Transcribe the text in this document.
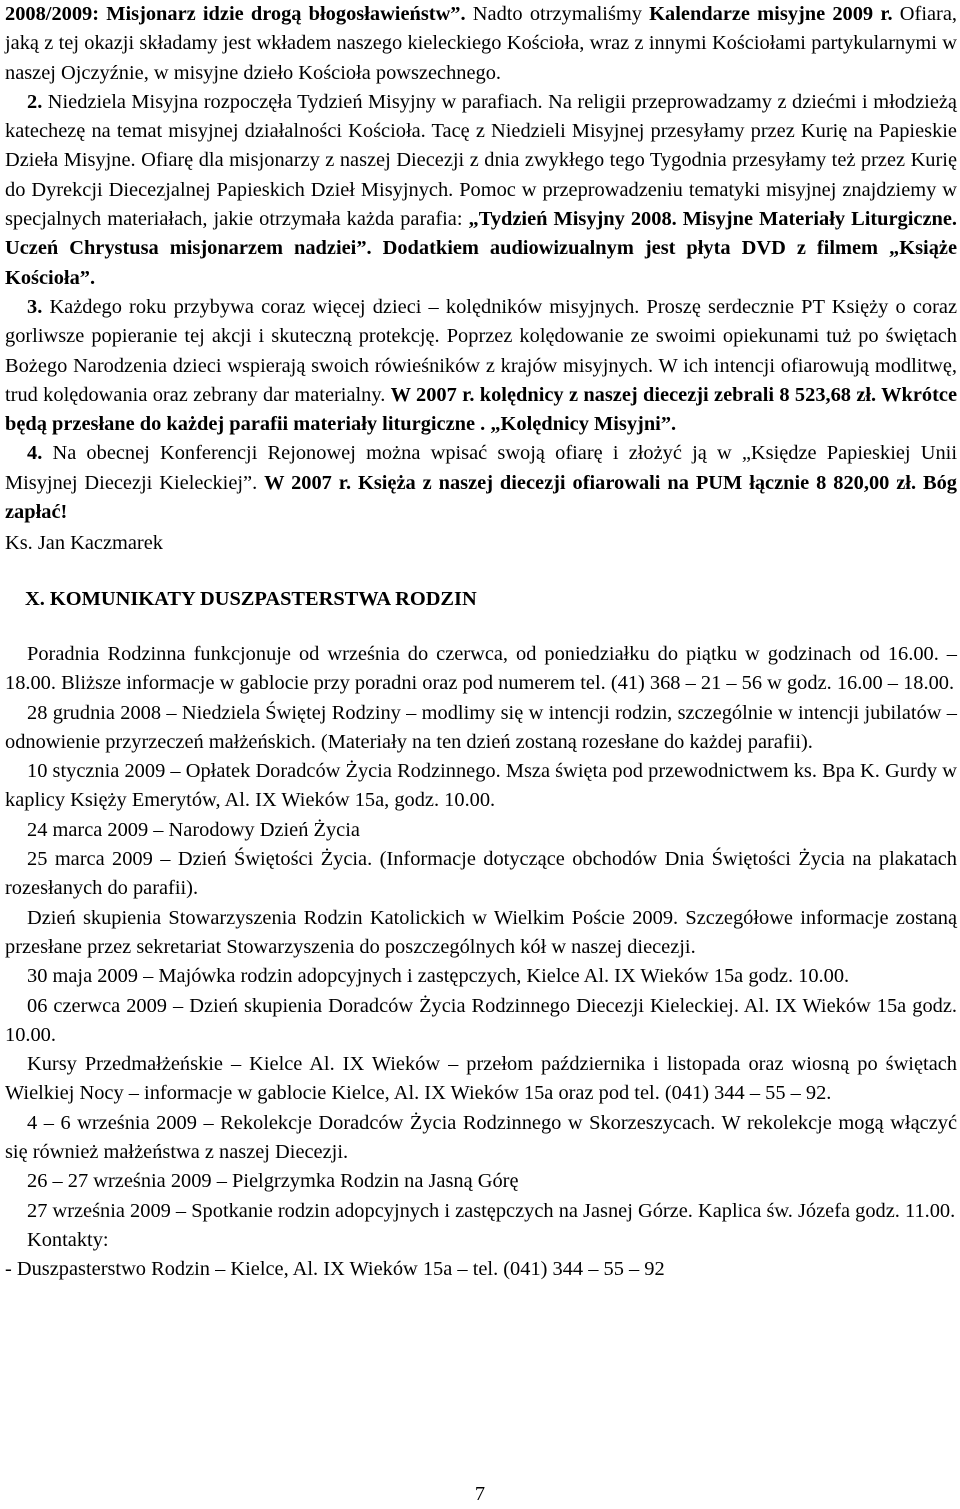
2008/2009: Misjonarz idzie drogą błogosławieństw”. Nadto otrzymaliśmy Kalendarze misyjne 2009 r. Ofiara, jaką z tej okazji składamy jest wkładem naszego kieleckiego Kościoła, wraz z innymi Kościołami partykularnymi w naszej Ojczyźnie, w misyjne dzieło Kościoła powszechnego.

2. Niedziela Misyjna rozpoczęła Tydzień Misyjny w parafiach. Na religii przeprowadzamy z dziećmi i młodzieżą katechezę na temat misyjnej działalności Kościoła. Tacę z Niedzieli Misyjnej przesyłamy przez Kurię na Papieskie Dzieła Misyjne. Ofiarę dla misjonarzy z naszej Diecezji z dnia zwykłego tego Tygodnia przesyłamy też przez Kurię do Dyrekcji Diecezjalnej Papieskich Dzieł Misyjnych. Pomoc w przeprowadzeniu tematyki misyjnej znajdziemy w specjalnych materiałach, jakie otrzymała każda parafia: „Tydzień Misyjny 2008. Misyjne Materiały Liturgiczne. Uczeń Chrystusa misjonarzem nadziei”. Dodatkiem audiowizualnym jest płyta DVD z filmem „Książe Kościoła”.

3. Każdego roku przybywa coraz więcej dzieci – kolędników misyjnych. Proszę serdecznie PT Księży o coraz gorliwsze popieranie tej akcji i skuteczną protekcję. Poprzez kolędowanie ze swoimi opiekunami tuż po świętach Bożego Narodzenia dzieci wspierają swoich rówieśników z krajów misyjnych. W ich intencji ofiarowują modlitwę, trud kolędowania oraz zebrany dar materialny. W 2007 r. kolędnicy z naszej diecezji zebrali 8 523,68 zł. Wkrótce będą przesłane do każdej parafii materiały liturgiczne . „Kolędnicy Misyjni”.

4. Na obecnej Konferencji Rejonowej można wpisać swoją ofiarę i złożyć ją w „Księdze Papieskiej Unii Misyjnej Diecezji Kieleckiej”. W 2007 r. Księża z naszej diecezji ofiarowali na PUM łącznie 8 820,00 zł. Bóg zapłać!

Ks. Jan Kaczmarek

X. KOMUNIKATY DUSZPASTERSTWA RODZIN

Poradnia Rodzinna funkcjonuje od września do czerwca, od poniedziałku do piątku w godzinach od 16.00. – 18.00. Bliższe informacje w gablocie przy poradni oraz pod numerem tel. (41) 368 – 21 – 56 w godz. 16.00 – 18.00.

28 grudnia 2008 – Niedziela Świętej Rodziny – modlimy się w intencji rodzin, szczególnie w intencji jubilatów – odnowienie przyrzeczeń małżeńskich. (Materiały na ten dzień zostaną rozesłane do każdej parafii).

10 stycznia 2009 – Opłatek Doradców Życia Rodzinnego. Msza święta pod przewodnictwem ks. Bpa K. Gurdy w kaplicy Księży Emerytów, Al. IX Wieków 15a, godz. 10.00.

24 marca 2009 – Narodowy Dzień Życia

25 marca 2009 – Dzień Świętości Życia. (Informacje dotyczące obchodów Dnia Świętości Życia na plakatach rozesłanych do parafii).

Dzień skupienia Stowarzyszenia Rodzin Katolickich w Wielkim Poście 2009. Szczegółowe informacje zostaną przesłane przez sekretariat Stowarzyszenia do poszczególnych kół w naszej diecezji.

30 maja 2009 – Majówka rodzin adopcyjnych i zastępczych, Kielce Al. IX Wieków 15a godz. 10.00.

06 czerwca 2009 – Dzień skupienia Doradców Życia Rodzinnego Diecezji Kieleckiej. Al. IX Wieków 15a godz. 10.00.

Kursy Przedmałżeńskie – Kielce Al. IX Wieków – przełom października i listopada oraz wiosną po świętach Wielkiej Nocy – informacje w gablocie Kielce, Al. IX Wieków 15a oraz pod tel. (041) 344 – 55 – 92.

4 – 6 września 2009 – Rekolekcje Doradców Życia Rodzinnego w Skorzeszycach. W rekolekcje mogą włączyć się również małżeństwa z naszej Diecezji.

26 – 27 września 2009 – Pielgrzymka Rodzin na Jasną Górę

27 września 2009 – Spotkanie rodzin adopcyjnych i zastępczych na Jasnej Górze. Kaplica św. Józefa godz. 11.00.

Kontakty:

- Duszpasterstwo Rodzin – Kielce, Al. IX Wieków 15a – tel. (041) 344 – 55 – 92

7
